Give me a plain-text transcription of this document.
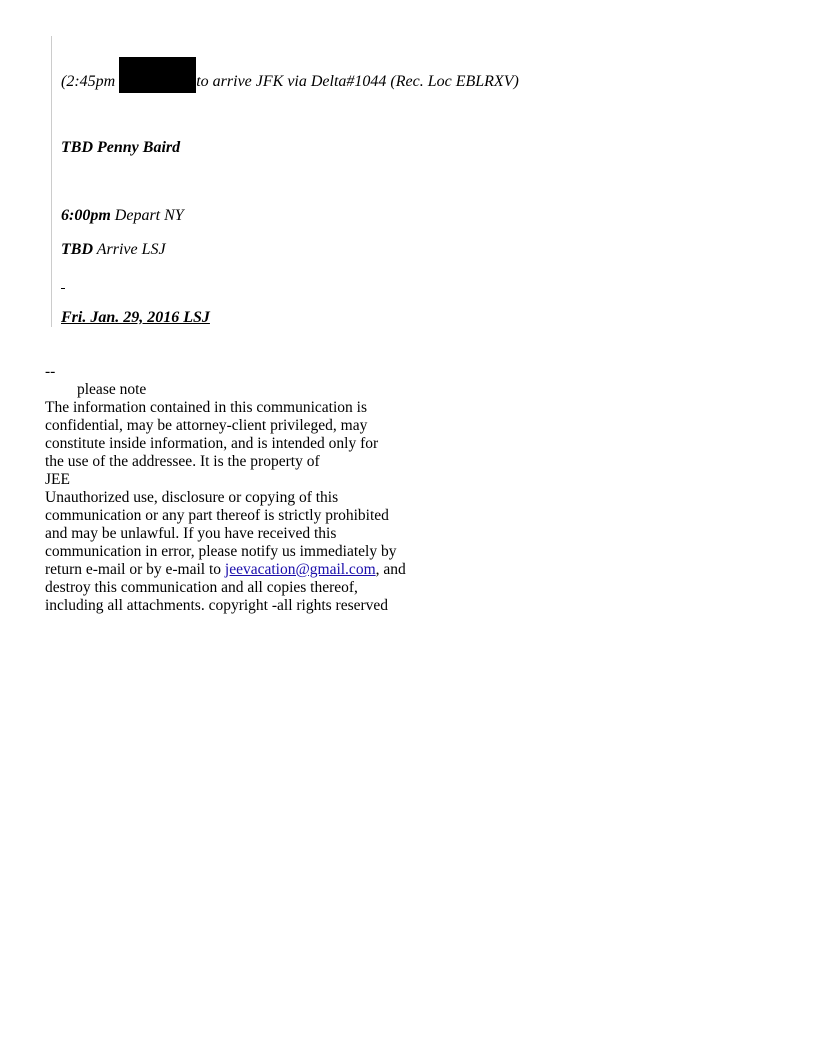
(2:45pm	to arrive JFK via Delta#1044 (Rec. Loc EBLRXV)
TBD Penny Baird
6:00pm Depart NY
TBD Arrive LSJ
Fri. Jan. 29, 2016 LSJ
--
please note
The information contained in this communication is
confidential, may be attorney-client privileged, may
constitute inside information, and is intended only for
the use of the addressee. It is the property of
JEE
Unauthorized use, disclosure or copying of this
communication or any part thereof is strictly prohibited
and may be unlawful. If you have received this
communication in error, please notify us immediately by
return e-mail or by e-mail to jeevacation@gmail.com, and
destroy this communication and all copies thereof,
including all attachments. copyright -all rights reserved
